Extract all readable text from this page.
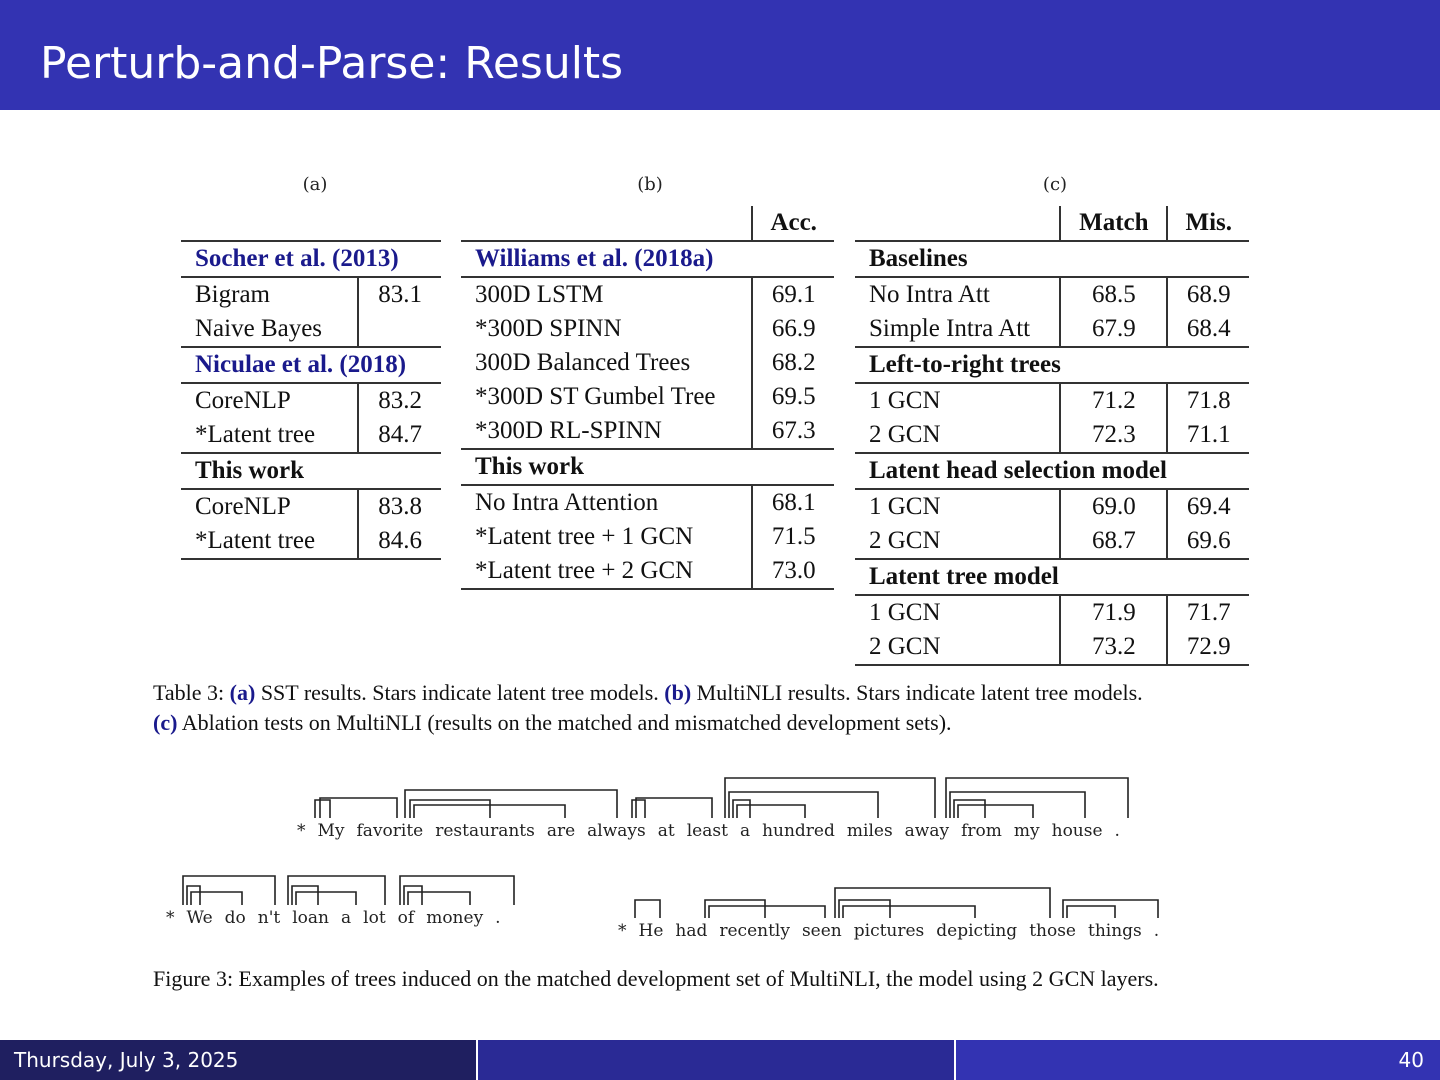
Perturb-and-Parse: Results
(a)	(b)	(c)
Socher et al. (2013)	
Bigram	83.1
Naive Bayes	
Niculae et al. (2018)	
CoreNLP	83.2
*Latent tree	84.7
This work	
CoreNLP	83.8
*Latent tree	84.6
	Acc.
Williams et al. (2018a)	
300D LSTM	69.1
*300D SPINN	66.9
300D Balanced Trees	68.2
*300D ST Gumbel Tree	69.5
*300D RL-SPINN	67.3
This work	
No Intra Attention	68.1
*Latent tree + 1 GCN	71.5
*Latent tree + 2 GCN	73.0
	Match	Mis.
Baselines		
No Intra Att	68.5	68.9
Simple Intra Att	67.9	68.4
Left-to-right trees		
1 GCN	71.2	71.8
2 GCN	72.3	71.1
Latent head selection model		
1 GCN	69.0	69.4
2 GCN	68.7	69.6
Latent tree model		
1 GCN	71.9	71.7
2 GCN	73.2	72.9
Table 3: (a) SST results. Stars indicate latent tree models. (b) MultiNLI results. Stars indicate latent tree models.
(c) Ablation tests on MultiNLI (results on the matched and mismatched development sets).
* My favorite restaurants are always at least a hundred miles away from my house .
* We do n't loan a lot of money .
* He had recently seen pictures depicting those things .
Figure 3: Examples of trees induced on the matched development set of MultiNLI, the model using 2 GCN layers.
Thursday, July 3, 2025	40
